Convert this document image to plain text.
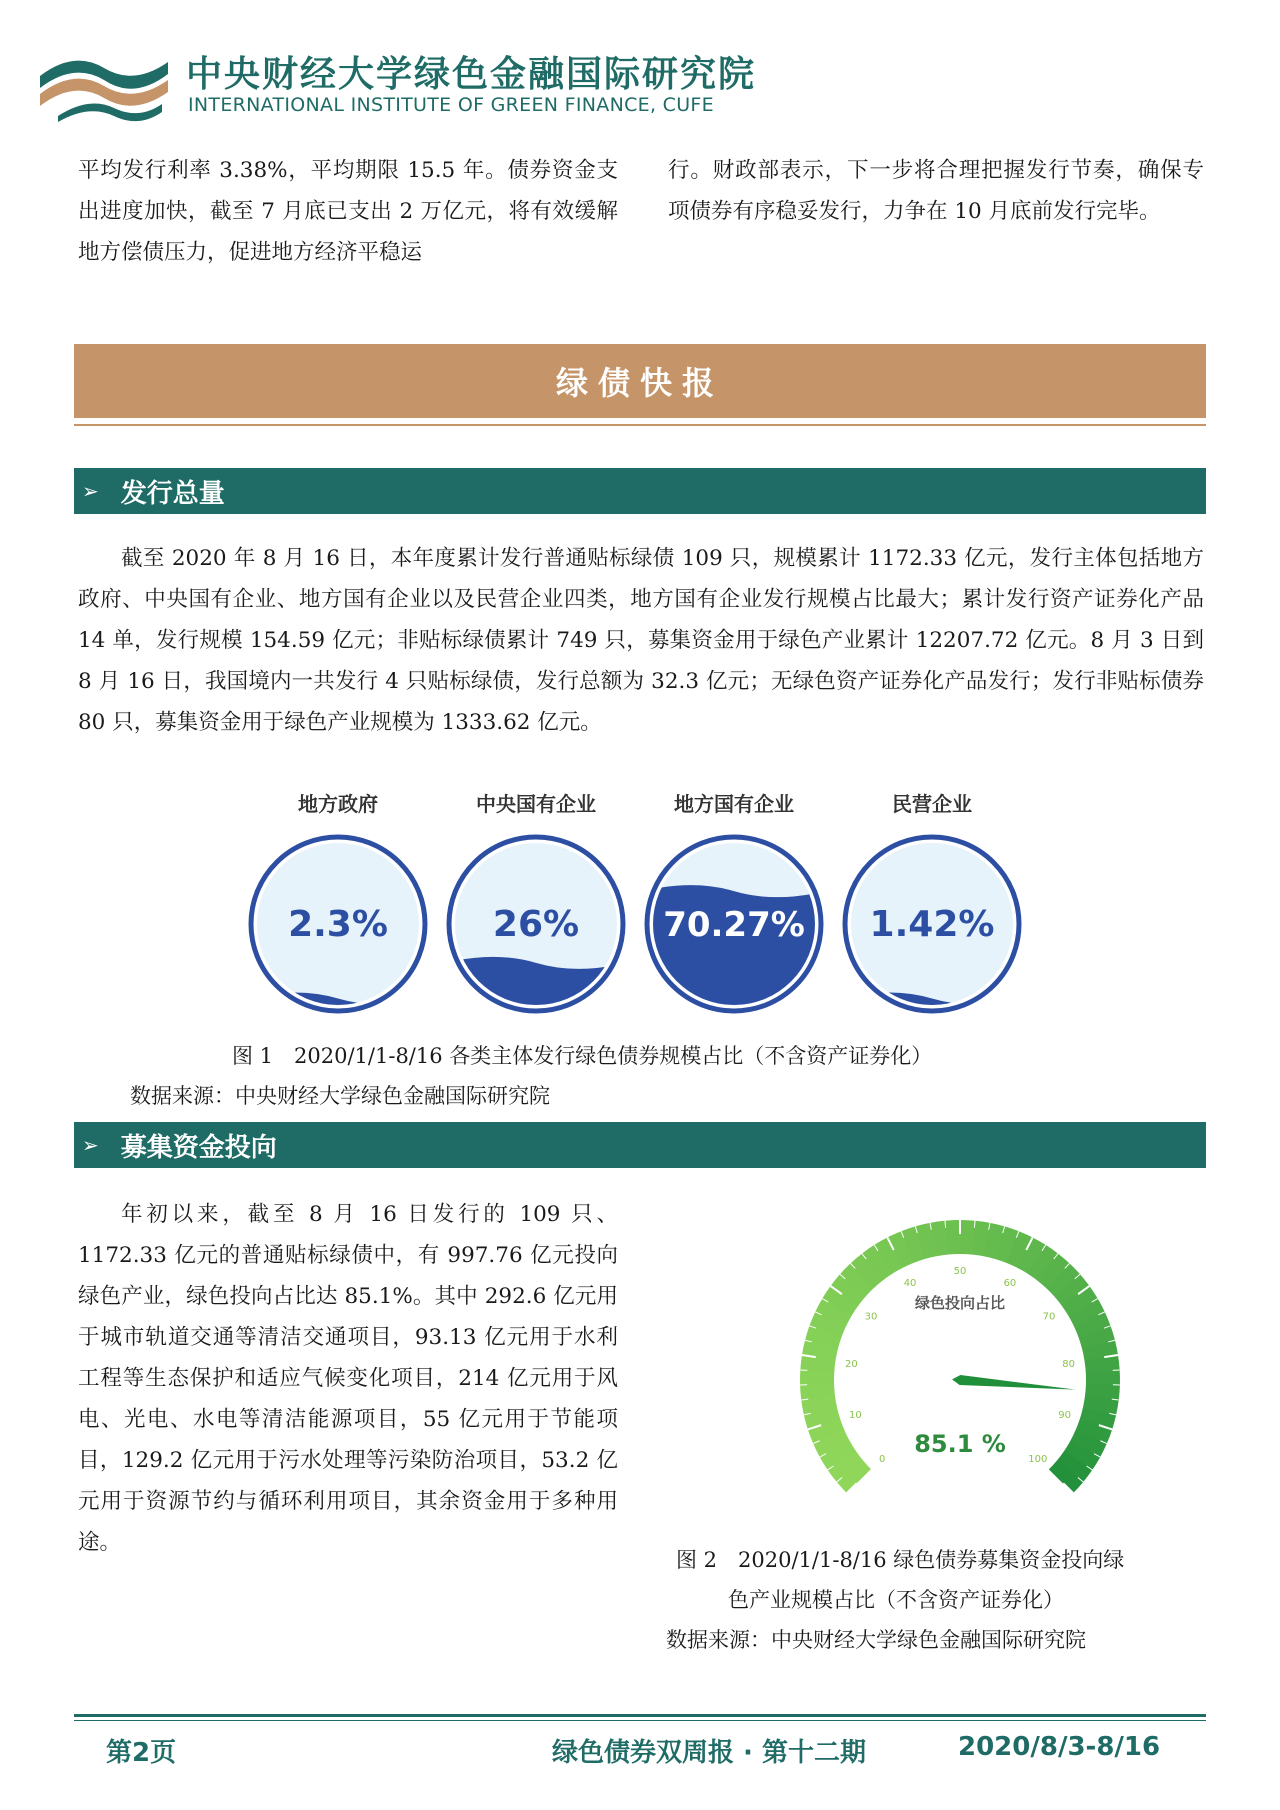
中央财经大学绿色金融国际研究院
INTERNATIONAL INSTITUTE OF GREEN FINANCE, CUFE
平均发行利率 3.38%，平均期限 15.5 年。债券资金支出进度加快，截至 7 月底已支出 2 万亿元，将有效缓解地方偿债压力，促进地方经济平稳运
行。财政部表示，下一步将合理把握发行节奏，确保专项债券有序稳妥发行，力争在 10 月底前发行完毕。
绿债快报
➢ 发行总量
截至 2020 年 8 月 16 日，本年度累计发行普通贴标绿债 109 只，规模累计 1172.33 亿元，发行主体包括地方政府、中央国有企业、地方国有企业以及民营企业四类，地方国有企业发行规模占比最大；累计发行资产证券化产品 14 单，发行规模 154.59 亿元；非贴标绿债累计 749 只，募集资金用于绿色产业累计 12207.72 亿元。8 月 3 日到 8 月 16 日，我国境内一共发行 4 只贴标绿债，发行总额为 32.3 亿元；无绿色资产证券化产品发行；发行非贴标债券 80 只，募集资金用于绿色产业规模为 1333.62 亿元。
地方政府
2.3%
中央国有企业
26%
地方国有企业
70.27%
民营企业
1.42%
图 1　2020/1/1-8/16 各类主体发行绿色债券规模占比（不含资产证券化）
数据来源：中央财经大学绿色金融国际研究院
➢ 募集资金投向
年初以来，截至 8 月 16 日发行的 109 只、1172.33 亿元的普通贴标绿债中，有 997.76 亿元投向绿色产业，绿色投向占比达 85.1%。其中 292.6 亿元用于城市轨道交通等清洁交通项目，93.13 亿元用于水利工程等生态保护和适应气候变化项目，214 亿元用于风电、光电、水电等清洁能源项目，55 亿元用于节能项目，129.2 亿元用于污水处理等污染防治项目，53.2 亿元用于资源节约与循环利用项目，其余资金用于多种用途。
0
10
20
30
40
50
60
70
80
90
100
绿色投向占比
85.1 %
图 2　2020/1/1-8/16 绿色债券募集资金投向绿
色产业规模占比（不含资产证券化）
数据来源：中央财经大学绿色金融国际研究院
第2页	绿色债券双周报 · 第十二期	2020/8/3-8/16
